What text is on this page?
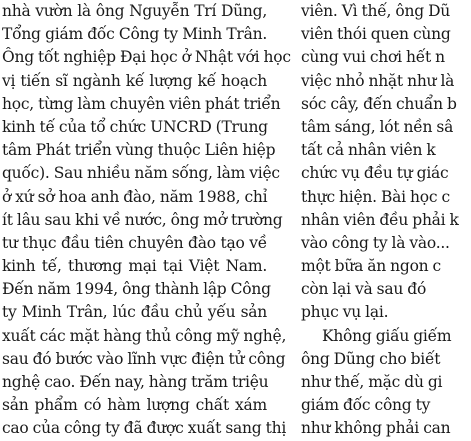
nhà vườn là ông Nguyễn Trí Dũng,
Tổng giám đốc Công ty Minh Trân.
Ông tốt nghiệp Đại học ở Nhật với học
vị tiến sĩ ngành kế lượng kế hoạch
học, từng làm chuyên viên phát triển
kinh tế của tổ chức UNCRD (Trung
tâm Phát triển vùng thuộc Liên hiệp
quốc). Sau nhiều năm sống, làm việc
ở xứ sở hoa anh đào, năm 1988, chỉ
ít lâu sau khi về nước, ông mở trường
tư thục đầu tiên chuyên đào tạo về
kinh tế, thương mại tại Việt Nam.
Đến năm 1994, ông thành lập Công
ty Minh Trân, lúc đầu chủ yếu sản
xuất các mặt hàng thủ công mỹ nghệ,
sau đó bước vào lĩnh vực điện tử công
nghệ cao. Đến nay, hàng trăm triệu
sản phẩm có hàm lượng chất xám
cao của công ty đã được xuất sang thị
viên. Vì thế, ông Dũ
viên thói quen cùng
cùng vui chơi hết n
việc nhỏ nhặt như là
sóc cây, đến chuẩn b
tâm sáng, lót nền sâ
tất cả nhân viên k
chức vụ đều tự giác
thực hiện. Bài học c
nhân viên đều phải k
vào công ty là vào...
một bữa ăn ngon c
còn lại và sau đó
phục vụ lại.
Không giấu giếm
ông Dũng cho biết
như thế, mặc dù gi
giám đốc công ty
như không phải can
